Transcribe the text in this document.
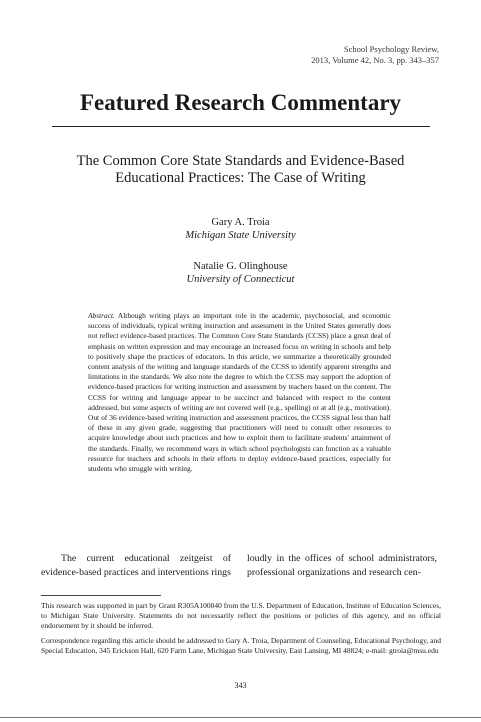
School Psychology Review,
2013, Volume 42, No. 3, pp. 343–357
Featured Research Commentary
The Common Core State Standards and Evidence-Based
Educational Practices: The Case of Writing
Gary A. Troia
Michigan State University
Natalie G. Olinghouse
University of Connecticut
Abstract. Although writing plays an important role in the academic, psychosocial, and economic success of individuals, typical writing instruction and assessment in the United States generally does not reflect evidence-based practices. The Common Core State Standards (CCSS) place a great deal of emphasis on written expression and may encourage an increased focus on writing in schools and help to positively shape the practices of educators. In this article, we summarize a theoretically grounded content analysis of the writing and language standards of the CCSS to identify apparent strengths and limitations in the standards. We also note the degree to which the CCSS may support the adoption of evidence-based practices for writing instruction and assessment by teachers based on the content. The CCSS for writing and language appear to be succinct and balanced with respect to the content addressed, but some aspects of writing are not covered well (e.g., spelling) or at all (e.g., motivation). Out of 36 evidence-based writing instruction and assessment practices, the CCSS signal less than half of these in any given grade, suggesting that practitioners will need to consult other resources to acquire knowledge about such practices and how to exploit them to facilitate students' attainment of the standards. Finally, we recommend ways in which school psychologists can function as a valuable resource for teachers and schools in their efforts to deploy evidence-based practices, especially for students who struggle with writing.
The current educational zeitgeist of evidence-based practices and interventions rings
loudly in the offices of school administrators, professional organizations and research cen-

This research was supported in part by Grant R305A100040 from the U.S. Department of Education, Institute of Education Sciences, to Michigan State University. Statements do not necessarily reflect the positions or policies of this agency, and no official endorsement by it should be inferred.

Correspondence regarding this article should be addressed to Gary A. Troia, Department of Counseling, Educational Psychology, and Special Education, 345 Erickson Hall, 620 Farm Lane, Michigan State University, East Lansing, MI 48824; e-mail: gtroia@msu.edu

343
